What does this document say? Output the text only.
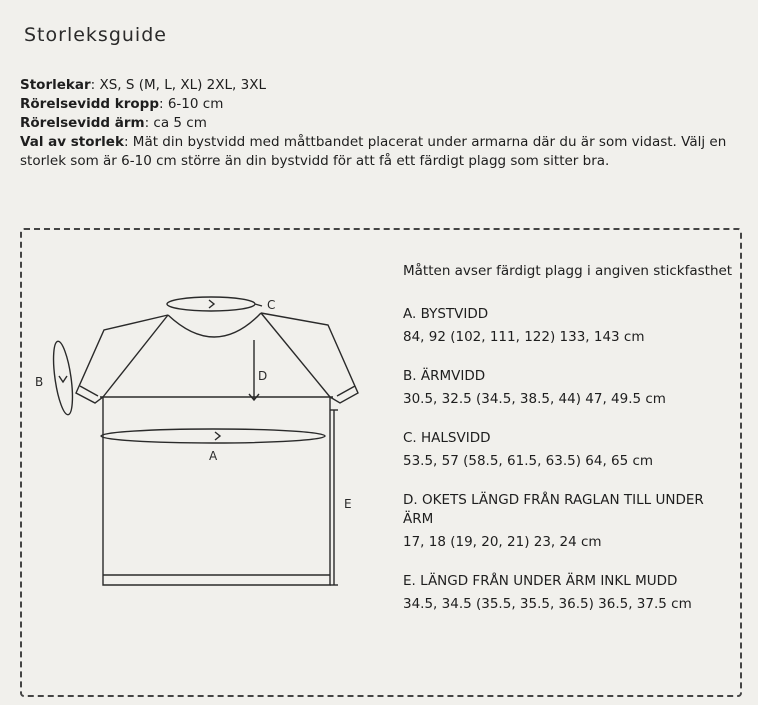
Storleksguide

Storlekar: XS, S (M, L, XL) 2XL, 3XL

Rörelsevidd kropp: 6-10 cm

Rörelsevidd ärm: ca 5 cm

Val av storlek: Mät din bystvidd med måttbandet placerat under armarna där du är som vidast. Välj en storlek som är 6-10 cm större än din bystvidd för att få ett färdigt plagg som sitter bra.

C
B	D
A
E

Måtten avser färdigt plagg i angiven stickfasthet

A. BYSTVIDD
84, 92 (102, 111, 122) 133, 143 cm
B. ÄRMVIDD
30.5, 32.5 (34.5, 38.5, 44) 47, 49.5 cm
C. HALSVIDD
53.5, 57 (58.5, 61.5, 63.5) 64, 65 cm
D. OKETS LÄNGD FRÅN RAGLAN TILL UNDER ÄRM
17, 18 (19, 20, 21) 23, 24 cm
E. LÄNGD FRÅN UNDER ÄRM INKL MUDD
34.5, 34.5 (35.5, 35.5, 36.5) 36.5, 37.5 cm
